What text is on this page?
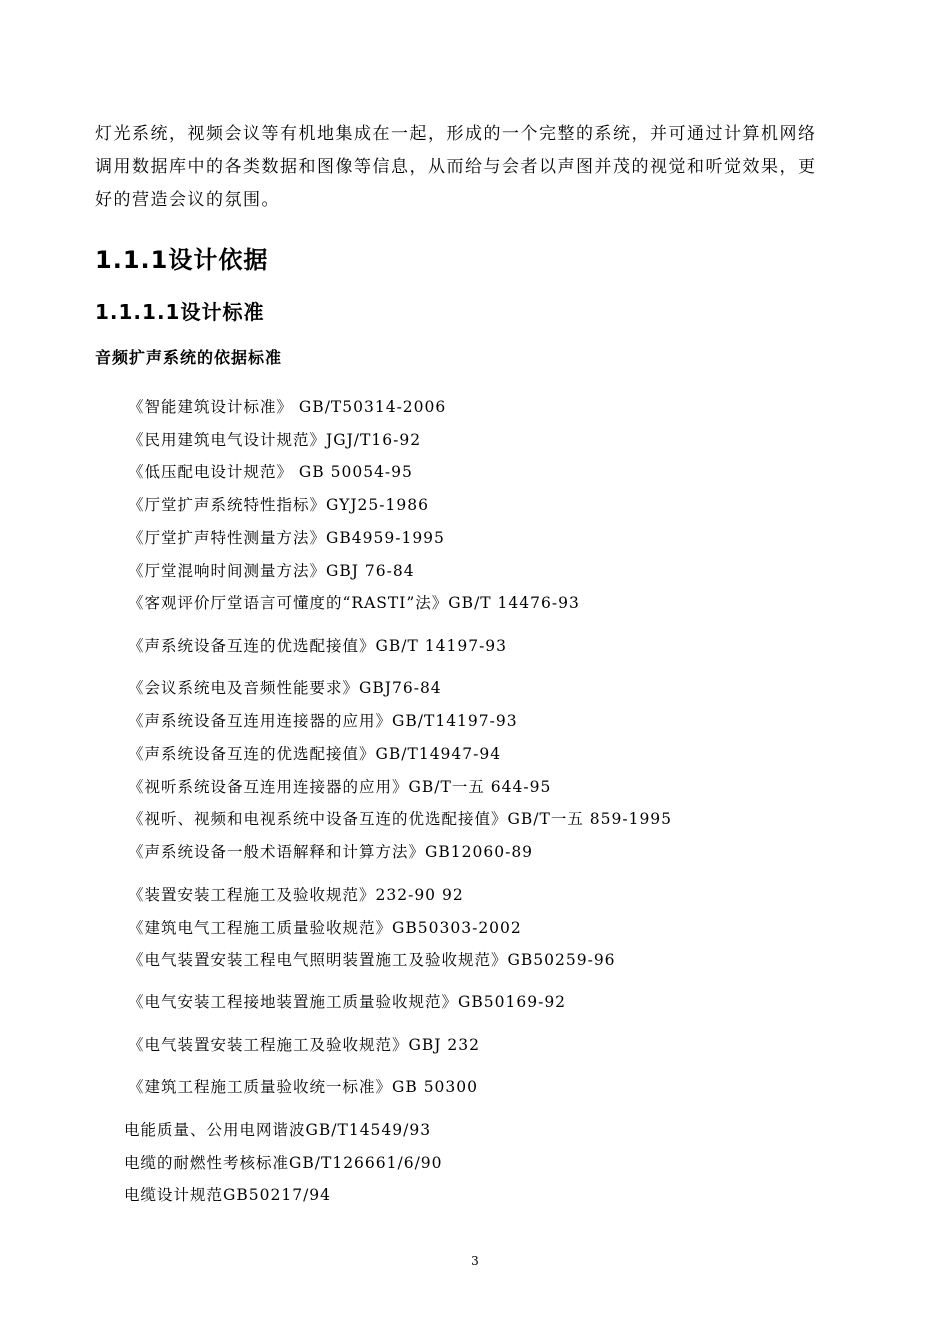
灯光系统，视频会议等有机地集成在一起，形成的一个完整的系统，并可通过计算机网络

调用数据库中的各类数据和图像等信息，从而给与会者以声图并茂的视觉和听觉效果，更

好的营造会议的氛围。

1.1.1设计依据
1.1.1.1设计标准
音频扩声系统的依据标准
《智能建筑设计标准》 GB/T50314-2006
《民用建筑电气设计规范》JGJ/T16-92
《低压配电设计规范》 GB 50054-95
《厅堂扩声系统特性指标》GYJ25-1986
《厅堂扩声特性测量方法》GB4959-1995
《厅堂混响时间测量方法》GBJ 76-84
《客观评价厅堂语言可懂度的“RASTI”法》GB/T 14476-93
《声系统设备互连的优选配接值》GB/T 14197-93
《会议系统电及音频性能要求》GBJ76-84
《声系统设备互连用连接器的应用》GB/T14197-93
《声系统设备互连的优选配接值》GB/T14947-94
《视听系统设备互连用连接器的应用》GB/T一五 644-95
《视听、视频和电视系统中设备互连的优选配接值》GB/T一五 859-1995
《声系统设备一般术语解释和计算方法》GB12060-89
《装置安装工程施工及验收规范》232-90 92
《建筑电气工程施工质量验收规范》GB50303-2002
《电气装置安装工程电气照明装置施工及验收规范》GB50259-96
《电气安装工程接地装置施工质量验收规范》GB50169-92
《电气装置安装工程施工及验收规范》GBJ 232
《建筑工程施工质量验收统一标准》GB 50300
电能质量、公用电网谐波GB/T14549/93
电缆的耐燃性考核标准GB/T126661/6/90
电缆设计规范GB50217/94
3
